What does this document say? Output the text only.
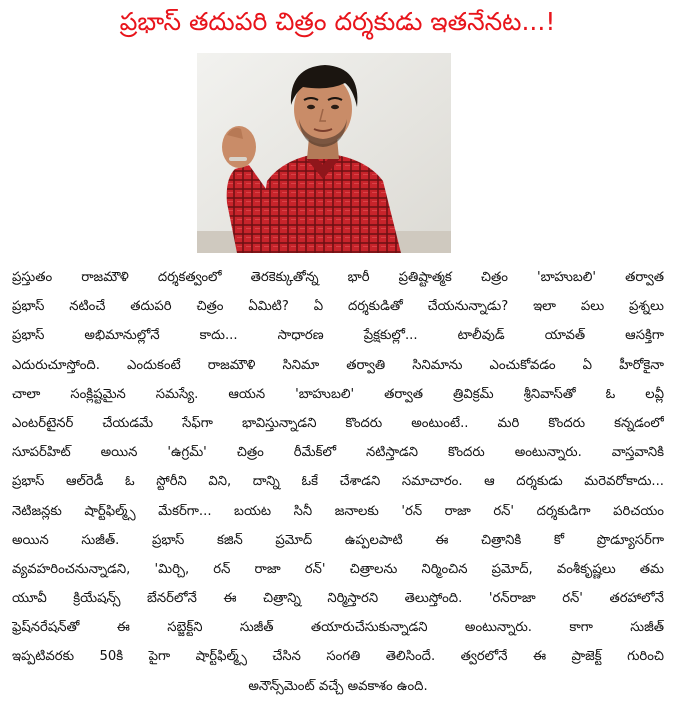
ప్రభాస్ తదుపరి చిత్రం దర్శకుడు ఇతనేనట...!
ప్రస్తుతం రాజమౌళి దర్శకత్వంలో తెరకెక్కుతోన్న భారీ ప్రతిష్టాత్మక చిత్రం 'బాహుబలి' తర్వాత
ప్రభాస్ నటించే తదుపరి చిత్రం ఏమిటి? ఏ దర్శకుడితో చేయనున్నాడు? ఇలా పలు ప్రశ్నలు
ప్రభాస్ అభిమానుల్లోనే కాదు... సాధారణ ప్రేక్షకుల్లో... టాలీవుడ్ యావత్ ఆసక్తిగా
ఎదురుచూస్తోంది. ఎందుకంటే రాజమౌళి సినిమా తర్వాతి సినిమాను ఎంచుకోవడం ఏ హీరోకైనా
చాలా సంక్లిష్టమైన సమస్యే. ఆయన 'బాహుబలి' తర్వాత త్రివిక్రమ్ శ్రీనివాస్‌తో ఓ లవ్లీ
ఎంటర్‌టైనర్ చేయడమే సేఫ్‌గా భావిస్తున్నాడని కొందరు అంటుంటే.. మరి కొందరు కన్నడంలో
సూపర్‌హిట్ అయిన 'ఉగ్రమ్' చిత్రం రీమేక్‌లో నటిస్తాడని కొందరు అంటున్నారు. వాస్తవానికి
ప్రభాస్ ఆల్‌రెడీ ఓ స్టోరీని విని, దాన్ని ఓకే చేశాడని సమాచారం. ఆ దర్శకుడు మరెవరోకాదు...
నెటిజన్లకు షార్ట్‌ఫిల్మ్స్ మేకర్‌గా... బయట సినీ జనాలకు 'రన్ రాజా రన్' దర్శకుడిగా పరిచయం
అయిన సుజీత్. ప్రభాస్ కజిన్ ప్రమోద్ ఉప్పలపాటి ఈ చిత్రానికి కో ప్రొడ్యూసర్‌గా
వ్యవహరించనున్నాడని, 'మిర్చి, రన్ రాజా రన్' చిత్రాలను నిర్మించిన ప్రమోద్, వంశీకృష్ణలు తమ
యూవీ క్రియేషన్స్ బేనర్‌లోనే ఈ చిత్రాన్ని నిర్మిస్తారని తెలుస్తోంది. 'రన్‌రాజా రన్' తరహాలోనే
ఫ్రెష్‌నరేషన్‌తో ఈ సబ్జెక్ట్‌ని సుజీత్ తయారుచేసుకున్నాడని అంటున్నారు. కాగా సుజీత్
ఇప్పటివరకు 50కి పైగా షార్ట్‌ఫిల్మ్స్ చేసిన సంగతి తెలిసిందే. త్వరలోనే ఈ ప్రాజెక్ట్ గురించి
అనౌన్స్‌మెంట్ వచ్చే అవకాశం ఉంది.
